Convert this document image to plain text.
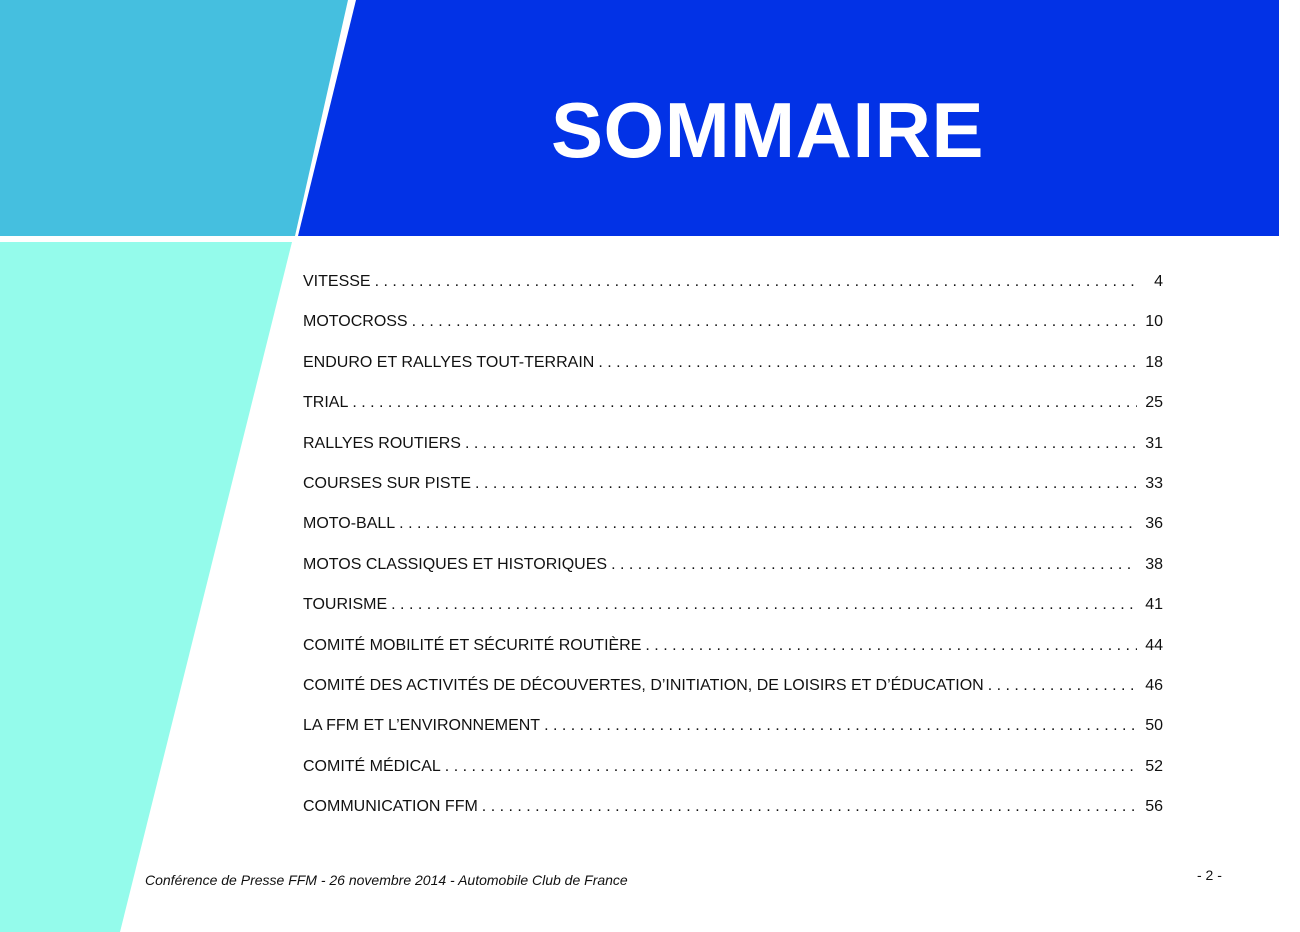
SOMMAIRE
VITESSE . . .	4
MOTOCROSS . . .	10
ENDURO ET RALLYES TOUT-TERRAIN . . .	18
TRIAL . . .	25
RALLYES ROUTIERS . . .	31
COURSES SUR PISTE . . .	33
MOTO-BALL . . .	36
MOTOS CLASSIQUES ET HISTORIQUES . . .	38
TOURISME . . .	41
COMITÉ MOBILITÉ ET SÉCURITÉ ROUTIÈRE . . .	44
COMITÉ DES ACTIVITÉS DE DÉCOUVERTES, D’INITIATION, DE LOISIRS ET D’ÉDUCATION . . .	46
LA FFM ET L’ENVIRONNEMENT . . .	50
COMITÉ MÉDICAL . . .	52
COMMUNICATION FFM . . .	56
Conférence de Presse FFM - 26 novembre 2014 - Automobile Club de France	- 2 -
